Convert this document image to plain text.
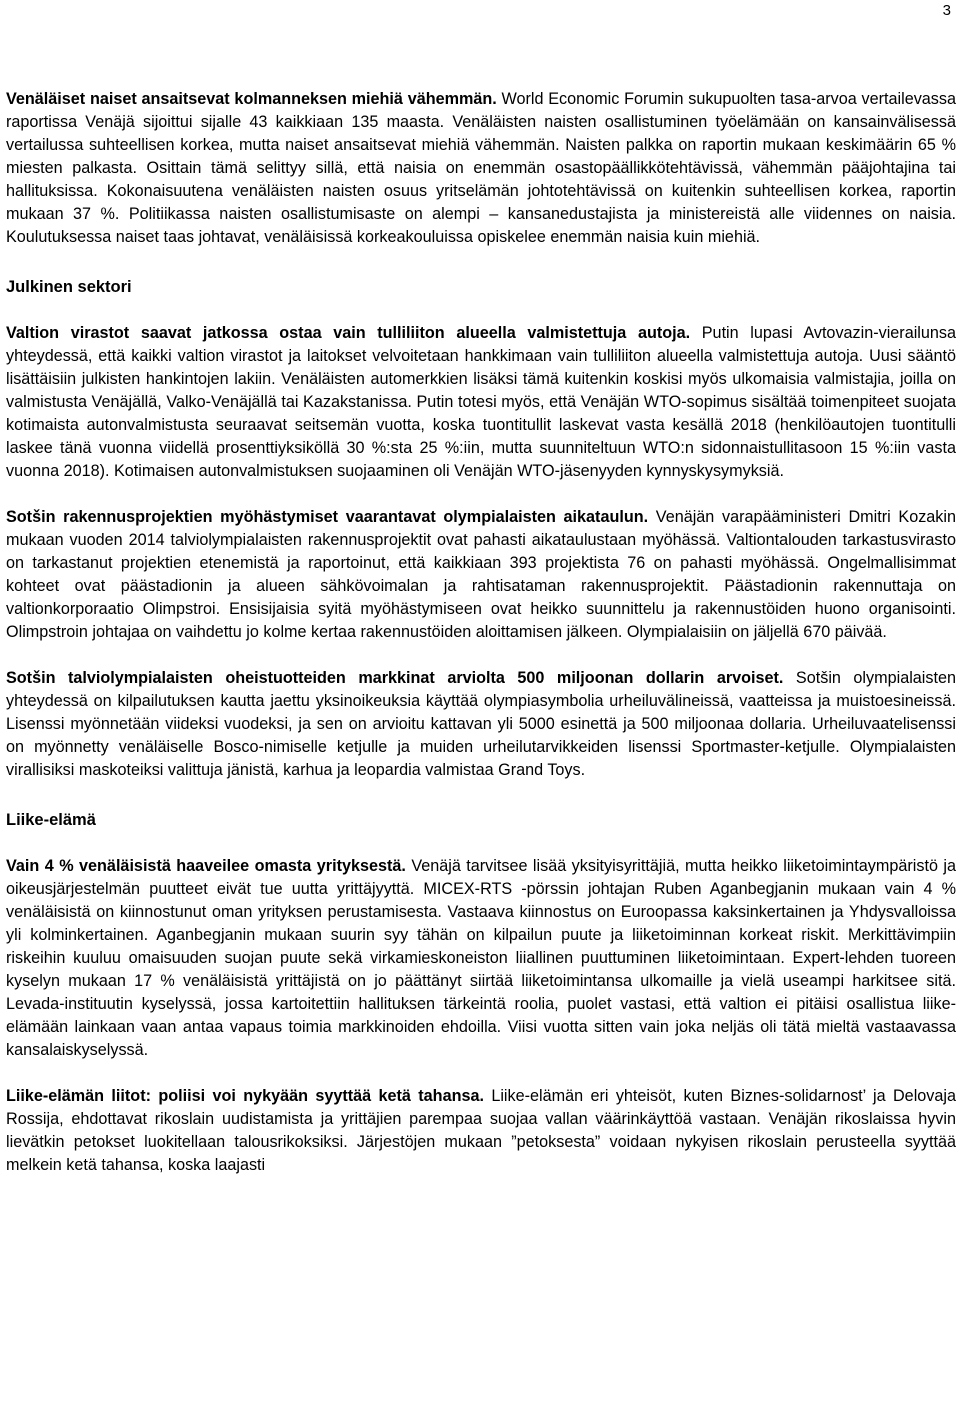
3

Venäläiset naiset ansaitsevat kolmanneksen miehiä vähemmän. World Economic Forumin sukupuolten tasa-arvoa vertailevassa raportissa Venäjä sijoittui sijalle 43 kaikkiaan 135 maasta. Venäläisten naisten osallistuminen työelämään on kansainvälisessä vertailussa suhteellisen korkea, mutta naiset ansaitsevat miehiä vähemmän. Naisten palkka on raportin mukaan keskimäärin 65 % miesten palkasta. Osittain tämä selittyy sillä, että naisia on enemmän osastopäällikkötehtävissä, vähemmän pääjohtajina tai hallituksissa. Kokonaisuutena venäläisten naisten osuus yritselämän johtotehtävissä on kuitenkin suhteellisen korkea, raportin mukaan 37 %. Politiikassa naisten osallistumisaste on alempi – kansanedustajista ja ministereistä alle viidennes on naisia. Koulutuksessa naiset taas johtavat, venäläisissä korkeakouluissa opiskelee enemmän naisia kuin miehiä.

Julkinen sektori

Valtion virastot saavat jatkossa ostaa vain tulliliiton alueella valmistettuja autoja. Putin lupasi Avtovazin-vierailunsa yhteydessä, että kaikki valtion virastot ja laitokset velvoitetaan hankkimaan vain tulliliiton alueella valmistettuja autoja. Uusi sääntö lisättäisiin julkisten hankintojen lakiin. Venäläisten automerkkien lisäksi tämä kuitenkin koskisi myös ulkomaisia valmistajia, joilla on valmistusta Venäjällä, Valko-Venäjällä tai Kazakstanissa. Putin totesi myös, että Venäjän WTO-sopimus sisältää toimenpiteet suojata kotimaista autonvalmistusta seuraavat seitsemän vuotta, koska tuontitullit laskevat vasta kesällä 2018 (henkilöautojen tuontitulli laskee tänä vuonna viidellä prosenttiyksiköllä 30 %:sta 25 %:iin, mutta suunniteltuun WTO:n sidonnaistullitasoon 15 %:iin vasta vuonna 2018). Kotimaisen autonvalmistuksen suojaaminen oli Venäjän WTO-jäsenyyden kynnyskysymyksiä.

Sotšin rakennusprojektien myöhästymiset vaarantavat olympialaisten aikataulun. Venäjän varapääministeri Dmitri Kozakin mukaan vuoden 2014 talviolympialaisten rakennusprojektit ovat pahasti aikataulustaan myöhässä. Valtiontalouden tarkastusvirasto on tarkastanut projektien etenemistä ja raportoinut, että kaikkiaan 393 projektista 76 on pahasti myöhässä. Ongelmallisimmat kohteet ovat päästadionin ja alueen sähkövoimalan ja rahtisataman rakennusprojektit. Päästadionin rakennuttaja on valtionkorporaatio Olimpstroi. Ensisijaisia syitä myöhästymiseen ovat heikko suunnittelu ja rakennustöiden huono organisointi. Olimpstroin johtajaa on vaihdettu jo kolme kertaa rakennustöiden aloittamisen jälkeen. Olympialaisiin on jäljellä 670 päivää.

Sotšin talviolympialaisten oheistuotteiden markkinat arviolta 500 miljoonan dollarin arvoiset. Sotšin olympialaisten yhteydessä on kilpailutuksen kautta jaettu yksinoikeuksia käyttää olympiasymbolia urheiluvälineissä, vaatteissa ja muistoesineissä. Lisenssi myönnetään viideksi vuodeksi, ja sen on arvioitu kattavan yli 5000 esinettä ja 500 miljoonaa dollaria. Urheiluvaatelisenssi on myönnetty venäläiselle Bosco-nimiselle ketjulle ja muiden urheilutarvikkeiden lisenssi Sportmaster-ketjulle. Olympialaisten virallisiksi maskoteiksi valittuja jänistä, karhua ja leopardia valmistaa Grand Toys.

Liike-elämä

Vain 4 % venäläisistä haaveilee omasta yrityksestä. Venäjä tarvitsee lisää yksityisyrittäjiä, mutta heikko liiketoimintaympäristö ja oikeusjärjestelmän puutteet eivät tue uutta yrittäjyyttä. MICEX-RTS -pörssin johtajan Ruben Aganbegjanin mukaan vain 4 % venäläisistä on kiinnostunut oman yrityksen perustamisesta. Vastaava kiinnostus on Euroopassa kaksinkertainen ja Yhdysvalloissa yli kolminkertainen. Aganbegjanin mukaan suurin syy tähän on kilpailun puute ja liiketoiminnan korkeat riskit. Merkittävimpiin riskeihin kuuluu omaisuuden suojan puute sekä virkamieskoneiston liiallinen puuttuminen liiketoimintaan. Expert-lehden tuoreen kyselyn mukaan 17 % venäläisistä yrittäjistä on jo päättänyt siirtää liiketoimintansa ulkomaille ja vielä useampi harkitsee sitä. Levada-instituutin kyselyssä, jossa kartoitettiin hallituksen tärkeintä roolia, puolet vastasi, että valtion ei pitäisi osallistua liike-elämään lainkaan vaan antaa vapaus toimia markkinoiden ehdoilla. Viisi vuotta sitten vain joka neljäs oli tätä mieltä vastaavassa kansalaiskyselyssä.

Liike-elämän liitot: poliisi voi nykyään syyttää ketä tahansa. Liike-elämän eri yhteisöt, kuten Biznes-solidarnost’ ja Delovaja Rossija, ehdottavat rikoslain uudistamista ja yrittäjien parempaa suojaa vallan väärinkäyttöä vastaan. Venäjän rikoslaissa hyvin lievätkin petokset luokitellaan talousrikoksiksi. Järjestöjen mukaan ”petoksesta” voidaan nykyisen rikoslain perusteella syyttää melkein ketä tahansa, koska laajasti
